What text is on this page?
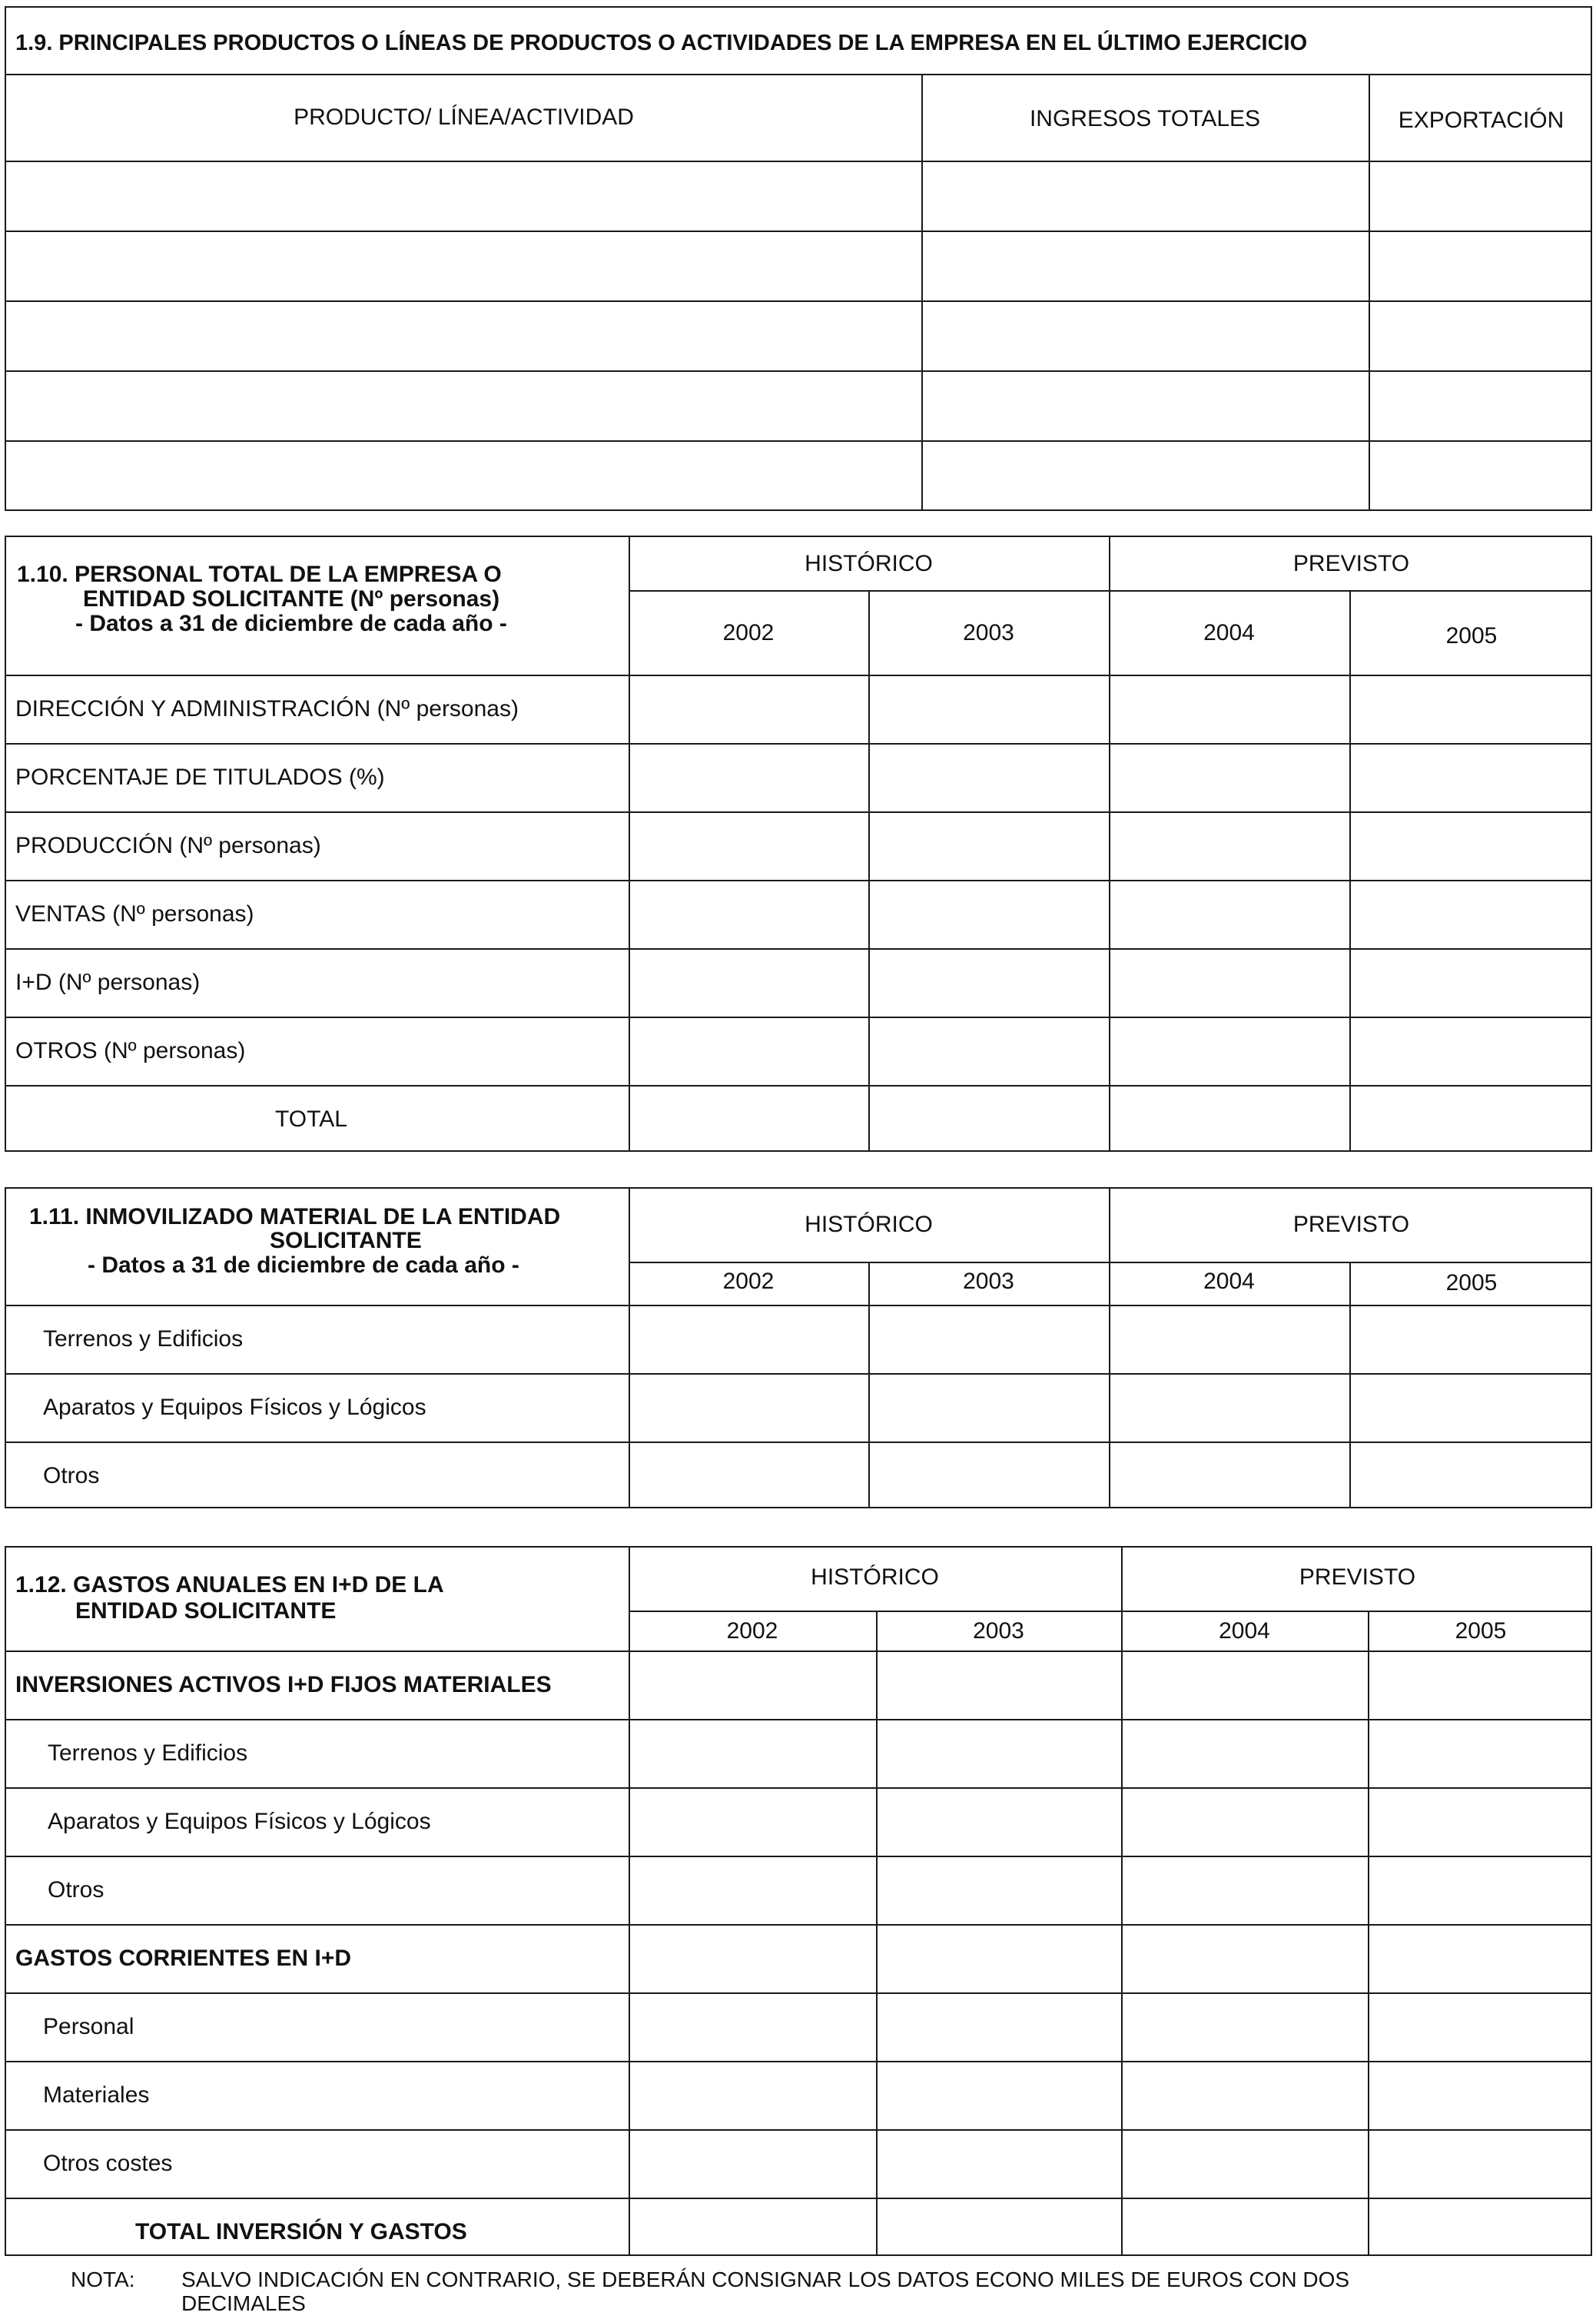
1.9. PRINCIPALES PRODUCTOS O LÍNEAS DE PRODUCTOS O ACTIVIDADES DE LA EMPRESA EN EL ÚLTIMO EJERCICIO
PRODUCTO/ LÍNEA/ACTIVIDAD	INGRESOS TOTALES	EXPORTACIÓN
1.10. PERSONAL TOTAL DE LA EMPRESA O
ENTIDAD SOLICITANTE (Nº personas)
- Datos a 31 de diciembre de cada año -
HISTÓRICO	PREVISTO
2002	2003	2004	2005
DIRECCIÓN Y ADMINISTRACIÓN (Nº personas)
PORCENTAJE DE TITULADOS (%)
PRODUCCIÓN (Nº personas)
VENTAS (Nº personas)
I+D (Nº personas)
OTROS (Nº personas)
TOTAL
1.11. INMOVILIZADO MATERIAL DE LA ENTIDAD
SOLICITANTE
- Datos a 31 de diciembre de cada año -
HISTÓRICO	PREVISTO
2002	2003	2004	2005
Terrenos y Edificios
Aparatos y Equipos Físicos y Lógicos
Otros
1.12. GASTOS ANUALES EN I+D DE LA
ENTIDAD SOLICITANTE
HISTÓRICO	PREVISTO
2002	2003	2004	2005
INVERSIONES ACTIVOS I+D FIJOS MATERIALES
Terrenos y Edificios
Aparatos y Equipos Físicos y Lógicos
Otros
GASTOS CORRIENTES EN I+D
Personal
Materiales
Otros costes
TOTAL INVERSIÓN Y GASTOS
NOTA: SALVO INDICACIÓN EN CONTRARIO, SE DEBERÁN CONSIGNAR LOS DATOS ECONO MILES DE EUROS CON DOS
DECIMALES
